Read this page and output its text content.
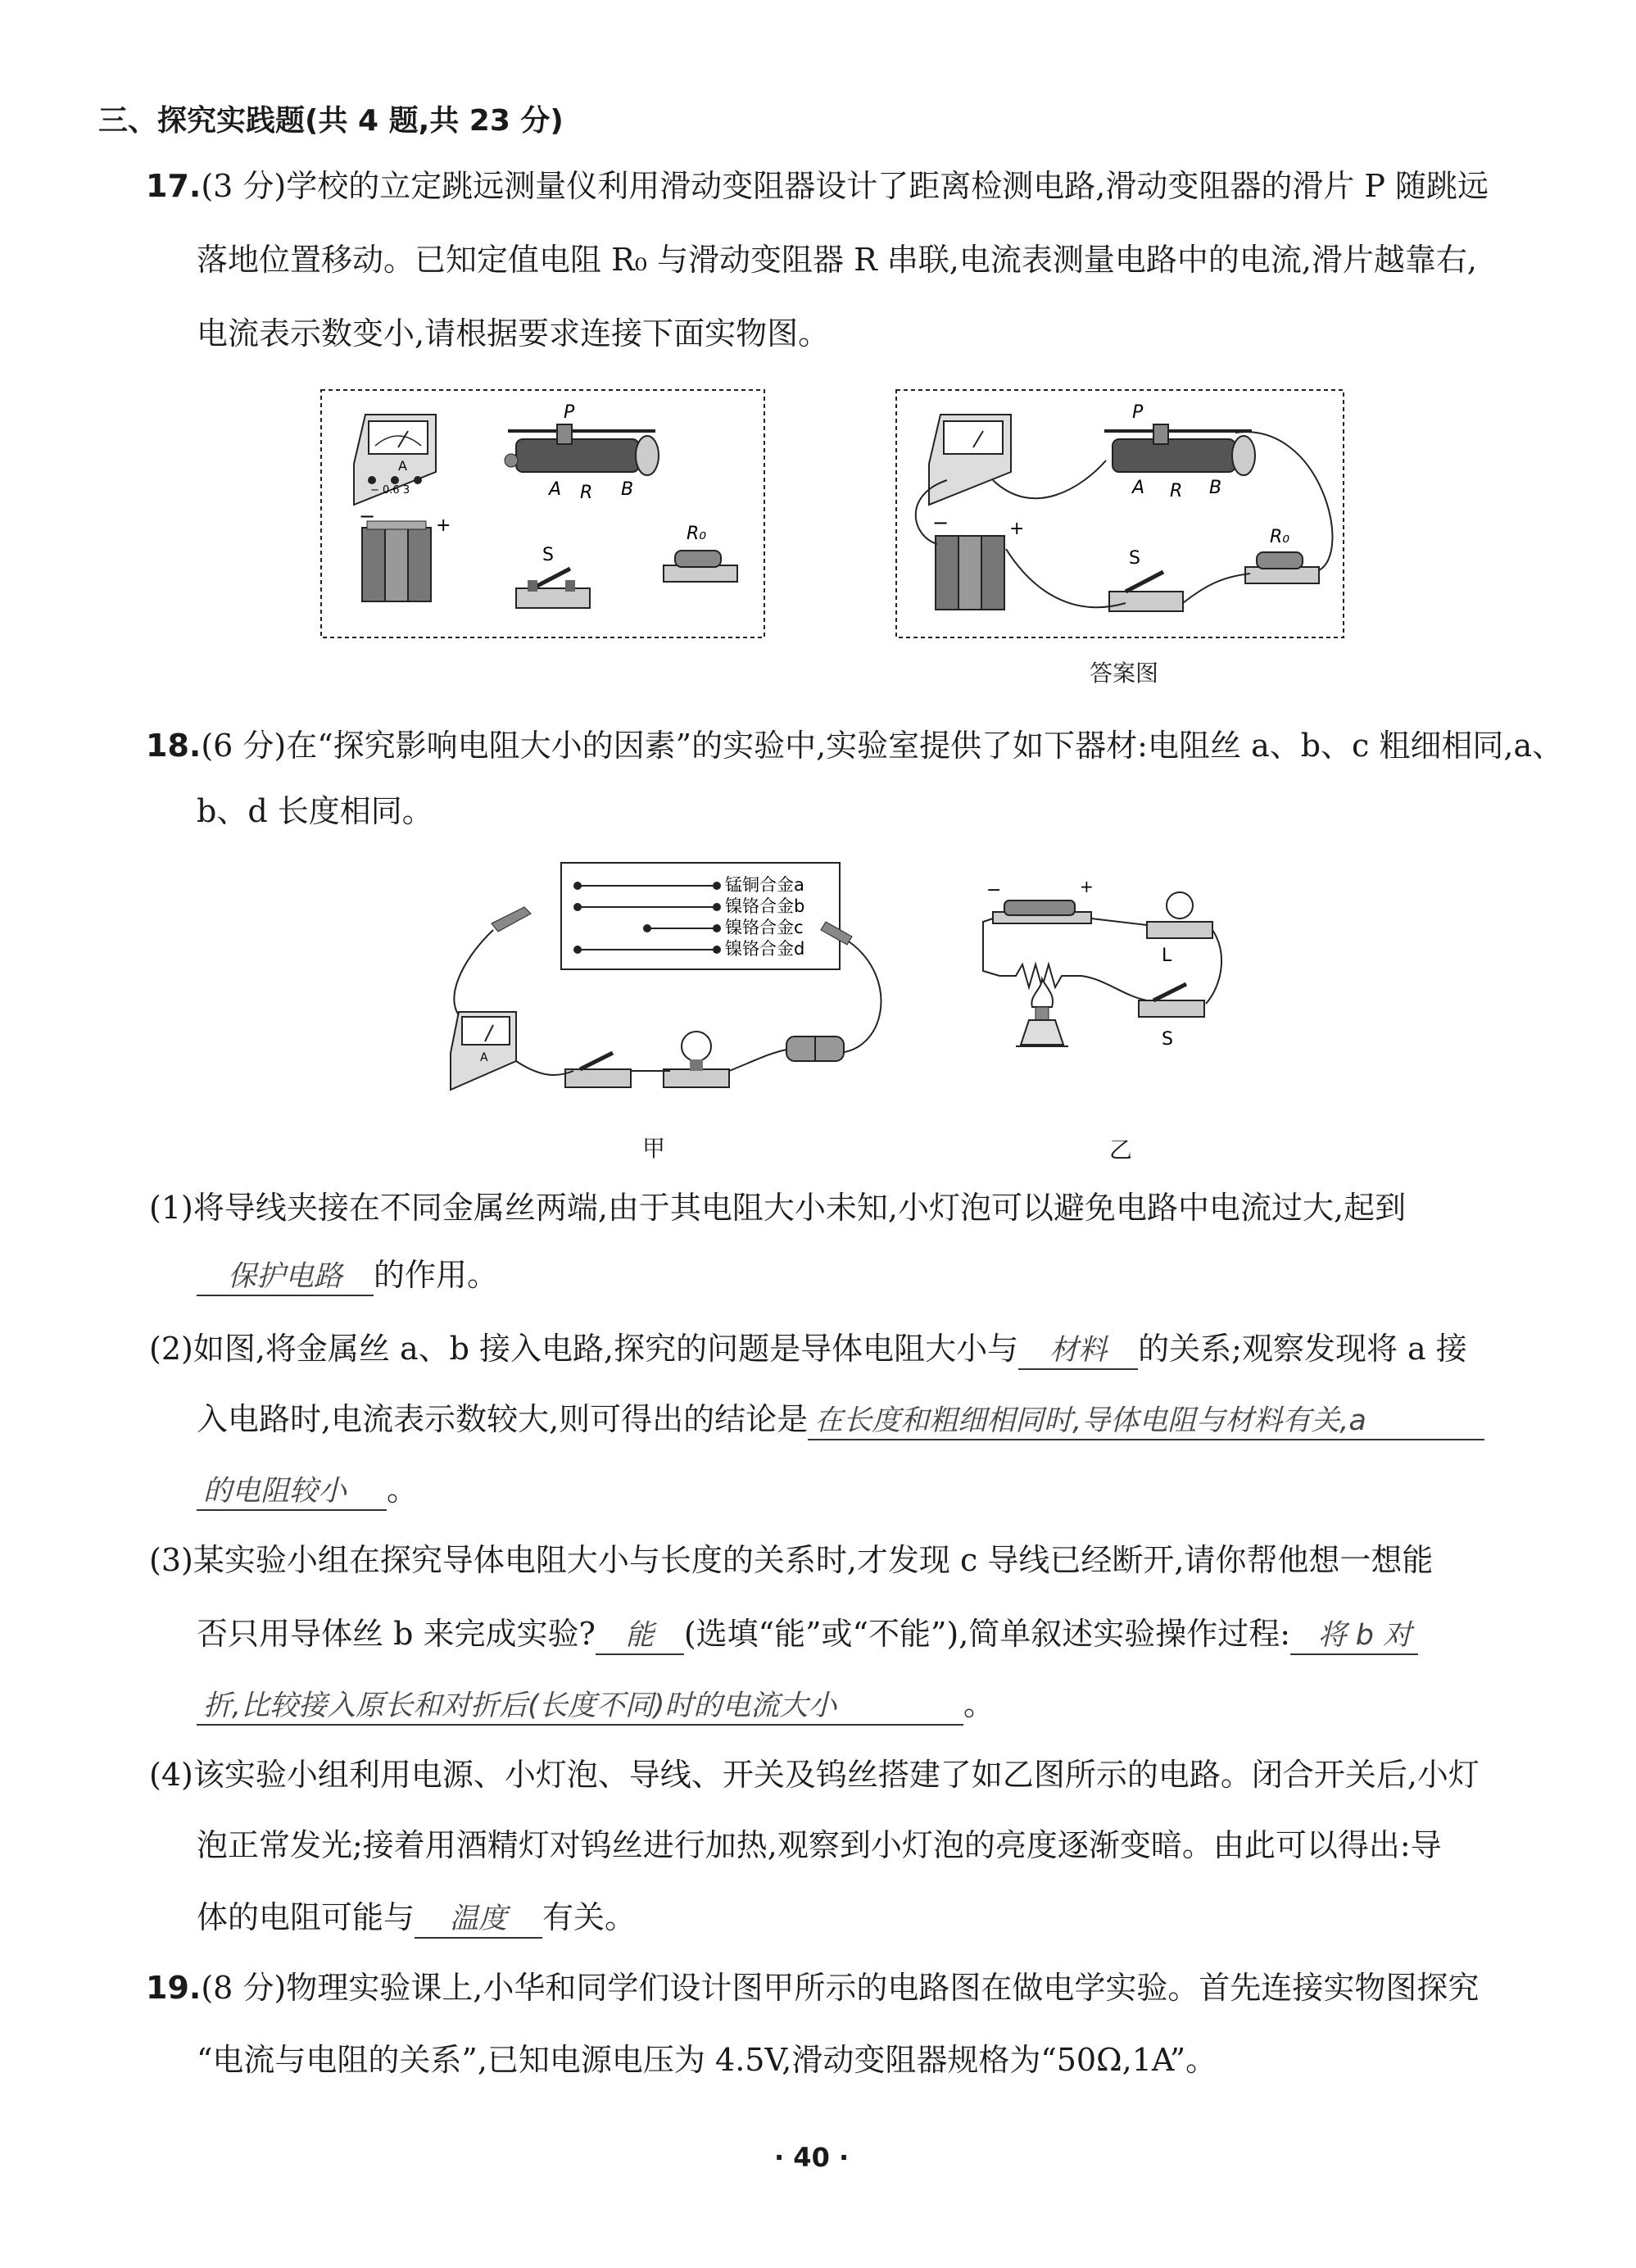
三、探究实践题(共 4 题,共 23 分)
17.(3 分)学校的立定跳远测量仪利用滑动变阻器设计了距离检测电路,滑动变阻器的滑片 P 随跳远
落地位置移动。已知定值电阻 R₀ 与滑动变阻器 R 串联,电流表测量电路中的电流,滑片越靠右,
电流表示数变小,请根据要求连接下面实物图。
A
− 0.6 3
P
A R B
−	+
S
R₀
P
A R B
−	+
S
R₀
答案图
18.(6 分)在“探究影响电阻大小的因素”的实验中,实验室提供了如下器材:电阻丝 a、b、c 粗细相同,a、
b、d 长度相同。
锰铜合金a
镍铬合金b
镍铬合金c
镍铬合金d
A
甲
−	+
L
S
乙
(1)将导线夹接在不同金属丝两端,由于其电阻大小未知,小灯泡可以避免电路中电流过大,起到
保护电路 的作用。
(2)如图,将金属丝 a、b 接入电路,探究的问题是导体电阻大小与 材料 的关系;观察发现将 a 接
入电路时,电流表示数较大,则可得出的结论是 在长度和粗细相同时,导体电阻与材料有关,a
的电阻较小 。
(3)某实验小组在探究导体电阻大小与长度的关系时,才发现 c 导线已经断开,请你帮他想一想能
否只用导体丝 b 来完成实验? 能 (选填“能”或“不能”),简单叙述实验操作过程: 将 b 对
折,比较接入原长和对折后(长度不同)时的电流大小	。
(4)该实验小组利用电源、小灯泡、导线、开关及钨丝搭建了如乙图所示的电路。闭合开关后,小灯
泡正常发光;接着用酒精灯对钨丝进行加热,观察到小灯泡的亮度逐渐变暗。由此可以得出:导
体的电阻可能与 温度 有关。
19.(8 分)物理实验课上,小华和同学们设计图甲所示的电路图在做电学实验。首先连接实物图探究
“电流与电阻的关系”,已知电源电压为 4.5V,滑动变阻器规格为“50Ω,1A”。
· 40 ·
